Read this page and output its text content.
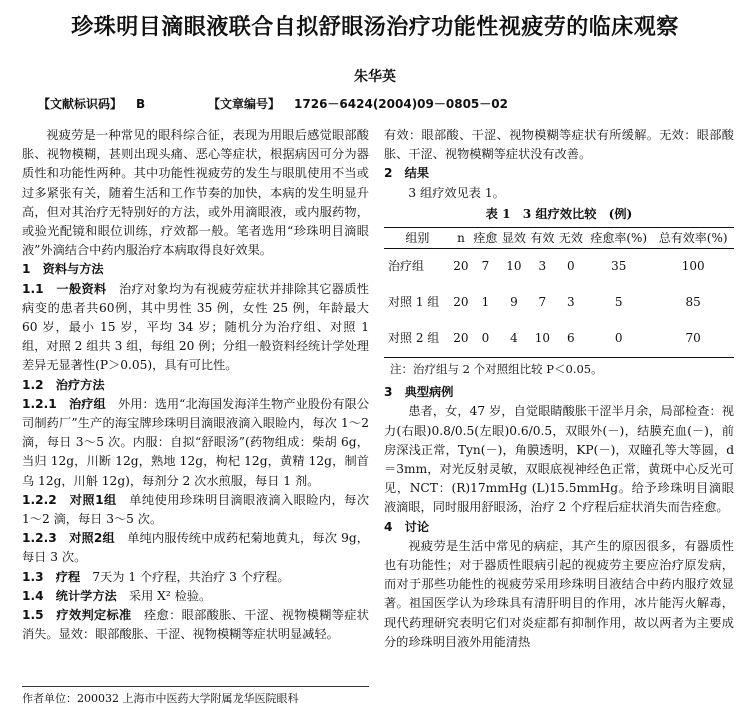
珍珠明目滴眼液联合自拟舒眼汤治疗功能性视疲劳的临床观察
朱华英
【文献标识码】 B	【文章编号】 1726－6424(2004)09－0805－02

视疲劳是一种常见的眼科综合征，表现为用眼后感觉眼部酸胀、视物模糊，甚则出现头痛、恶心等症状，根据病因可分为器质性和功能性两种。其中功能性视疲劳的发生与眼肌使用不当或过多紧张有关，随着生活和工作节奏的加快，本病的发生明显升高，但对其治疗无特别好的方法，或外用滴眼液，或内服药物，或验光配镜和眼位训练，疗效都一般。笔者选用“珍珠明目滴眼液”外滴结合中药内服治疗本病取得良好效果。

1　资料与方法

1.1　一般资料　 治疗对象均为有视疲劳症状并排除其它器质性病变的患者共60例，其中男性 35 例，女性 25 例，年龄最大 60 岁，最小 15 岁，平均 34 岁；随机分为治疗组、对照 1 组，对照 2 组共 3 组，每组 20 例；分组一般资料经统计学处理差异无显著性(P＞0.05)，具有可比性。

1.2　治疗方法

1.2.1　治疗组　 外用：选用“北海国发海洋生物产业股份有限公司制药厂”生产的海宝牌珍珠明目滴眼液滴入眼睑内，每次 1～2 滴，每日 3～5 次。内服：自拟“舒眼汤”(药物组成：柴胡 6g，当归 12g，川断 12g，熟地 12g，枸杞 12g，黄精 12g，制首乌 12g，川斛 12g)，每剂分 2 次水煎服，每日 1 剂。

1.2.2　对照1组　 单纯使用珍珠明目滴眼液滴入眼睑内，每次 1～2 滴，每日 3～5 次。

1.2.3　对照2组　 单纯内服传统中成药杞菊地黄丸，每次 9g，每日 3 次。

1.3　疗程　 7天为 1 个疗程，共治疗 3 个疗程。

1.4　统计学方法　 采用 X² 检验。

1.5　疗效判定标准　 痊愈：眼部酸胀、干涩、视物模糊等症状消失。显效：眼部酸胀、干涩、视物模糊等症状明显减轻。

作者单位：200032 上海市中医药大学附属龙华医院眼科

有效：眼部酸、干涩、视物模糊等症状有所缓解。无效：眼部酸胀、干涩、视物模糊等症状没有改善。

2　结果

3 组疗效见表 1。

表 1　3 组疗效比较　(例)

组别	n	痊愈	显效	有效	无效	痊愈率(%)	总有效率(%)
治疗组	20	7	10	3	0	35	100
对照 1 组	20	1	9	7	3	5	85
对照 2 组	20	0	4	10	6	0	70

注：治疗组与 2 个对照组比较 P＜0.05。

3　典型病例

患者，女，47 岁，自觉眼睛酸胀干涩半月余，局部检查：视力(右眼)0.8/0.5(左眼)0.6/0.5，双眼外(－)，结膜充血(－)，前房深浅正常，Tyn(－)，角膜透明，KP(－)，双瞳孔等大等圆，d＝3mm，对光反射灵敏，双眼底视神经色正常，黄斑中心反光可见，NCT：(R)17mmHg (L)15.5mmHg。给予珍珠明目滴眼液滴眼，同时服用舒眼汤，治疗 2 个疗程后症状消失而告痊愈。

4　讨论

视疲劳是生活中常见的病症，其产生的原因很多，有器质性也有功能性；对于器质性眼病引起的视疲劳主要应治疗原发病，而对于那些功能性的视疲劳采用珍珠明目液结合中药内服疗效显著。祖国医学认为珍珠具有清肝明目的作用，冰片能泻火解毒，现代药理研究表明它们对炎症都有抑制作用，故以两者为主要成分的珍珠明目液外用能清热
